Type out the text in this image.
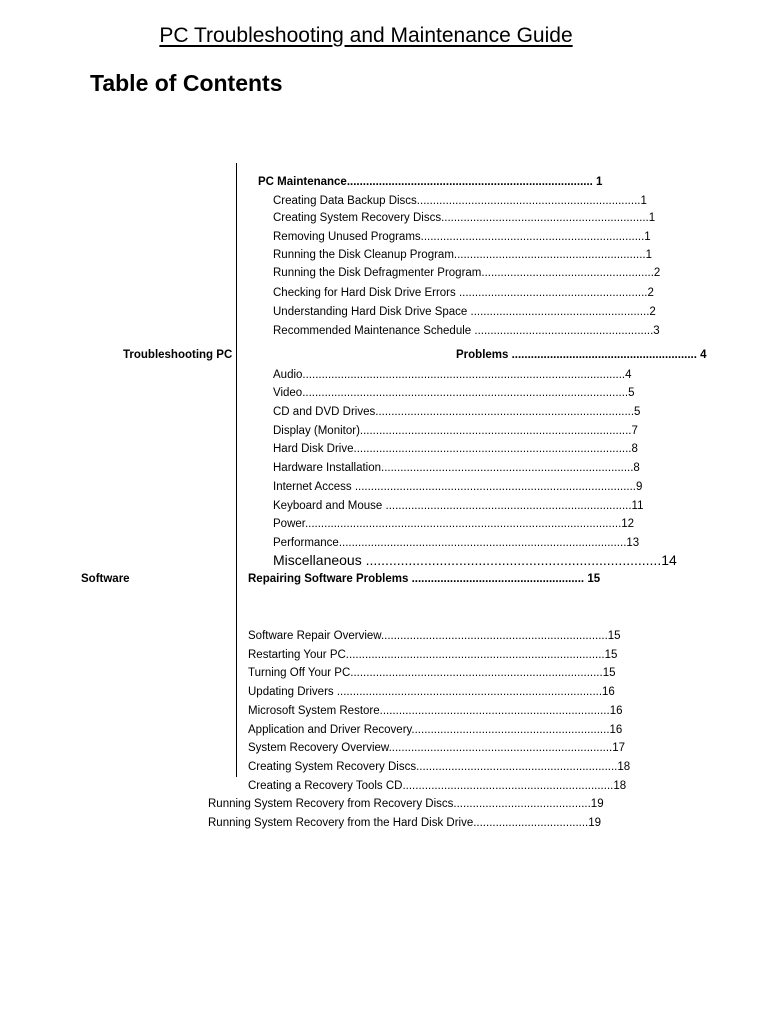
PC Troubleshooting and Maintenance Guide
Table of Contents
PC Maintenance............................................................................. 1
Creating Data Backup Discs......................................................................1
Creating System Recovery Discs.................................................................1
Removing Unused Programs......................................................................1
Running the Disk Cleanup Program............................................................1
Running the Disk Defragmenter Program......................................................2
Checking for Hard Disk Drive Errors ...........................................................2
Understanding Hard Disk Drive Space ........................................................2
Recommended Maintenance Schedule ........................................................3
Troubleshooting PC	Problems .......................................................... 4
Audio.....................................................................................................4
Video......................................................................................................5
CD and DVD Drives.................................................................................5
Display (Monitor).....................................................................................7
Hard Disk Drive.......................................................................................8
Hardware Installation...............................................................................8
Internet Access ........................................................................................9
Keyboard and Mouse .............................................................................11
Power...................................................................................................12
Performance..........................................................................................13
Miscellaneous ............................................................................14
Software	Repairing Software Problems ...................................................... 15
Software Repair Overview.......................................................................15
Restarting Your PC.................................................................................15
Turning Off Your PC...............................................................................15
Updating Drivers ...................................................................................16
Microsoft System Restore........................................................................16
Application and Driver Recovery..............................................................16
System Recovery Overview......................................................................17
Creating System Recovery Discs...............................................................18
Creating a Recovery Tools CD..................................................................18
Running System Recovery from Recovery Discs...........................................19
Running System Recovery from the Hard Disk Drive....................................19
